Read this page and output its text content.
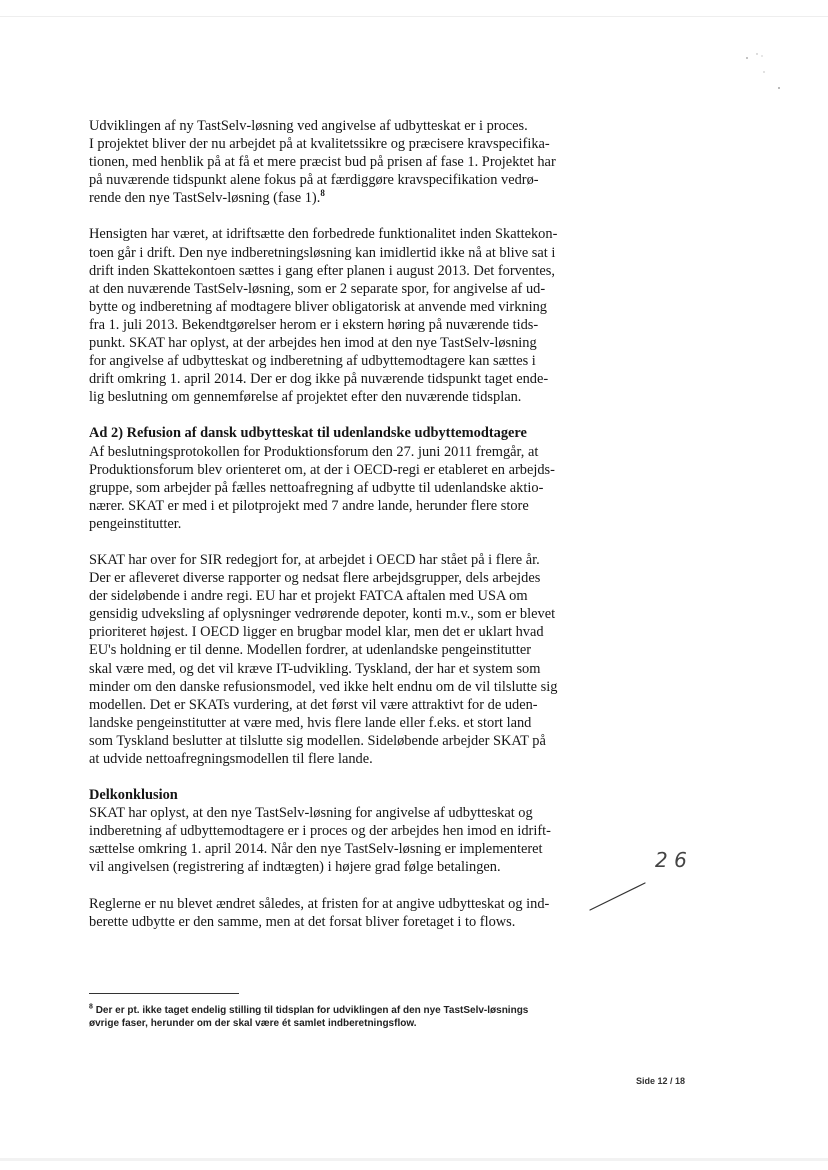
Udviklingen af ny TastSelv-løsning ved angivelse af udbytteskat er i proces.
I projektet bliver der nu arbejdet på at kvalitetssikre og præcisere kravspecifika-
tionen, med henblik på at få et mere præcist bud på prisen af fase 1. Projektet har
på nuværende tidspunkt alene fokus på at færdiggøre kravspecifikation vedrø-
rende den nye TastSelv-løsning (fase 1).$^8$

Hensigten har været, at idriftsætte den forbedrede funktionalitet inden Skattekon-
toen går i drift. Den nye indberetningsløsning kan imidlertid ikke nå at blive sat i
drift inden Skattekontoen sættes i gang efter planen i august 2013. Det forventes,
at den nuværende TastSelv-løsning, som er 2 separate spor, for angivelse af ud-
bytte og indberetning af modtagere bliver obligatorisk at anvende med virkning
fra 1. juli 2013. Bekendtgørelser herom er i ekstern høring på nuværende tids-
punkt. SKAT har oplyst, at der arbejdes hen imod at den nye TastSelv-løsning
for angivelse af udbytteskat og indberetning af udbyttemodtagere kan sættes i
drift omkring 1. april 2014. Der er dog ikke på nuværende tidspunkt taget ende-
lig beslutning om gennemførelse af projektet efter den nuværende tidsplan.

Ad 2) Refusion af dansk udbytteskat til udenlandske udbyttemodtagere
Af beslutningsprotokollen for Produktionsforum den 27. juni 2011 fremgår, at
Produktionsforum blev orienteret om, at der i OECD-regi er etableret en arbejds-
gruppe, som arbejder på fælles nettoafregning af udbytte til udenlandske aktio-
nærer. SKAT er med i et pilotprojekt med 7 andre lande, herunder flere store
pengeinstitutter.

SKAT har over for SIR redegjort for, at arbejdet i OECD har stået på i flere år.
Der er afleveret diverse rapporter og nedsat flere arbejdsgrupper, dels arbejdes
der sideløbende i andre regi. EU har et projekt FATCA aftalen med USA om
gensidig udveksling af oplysninger vedrørende depoter, konti m.v., som er blevet
prioriteret højest. I OECD ligger en brugbar model klar, men det er uklart hvad
EU's holdning er til denne. Modellen fordrer, at udenlandske pengeinstitutter
skal være med, og det vil kræve IT-udvikling. Tyskland, der har et system som
minder om den danske refusionsmodel, ved ikke helt endnu om de vil tilslutte sig
modellen. Det er SKATs vurdering, at det først vil være attraktivt for de uden-
landske pengeinstitutter at være med, hvis flere lande eller f.eks. et stort land
som Tyskland beslutter at tilslutte sig modellen. Sideløbende arbejder SKAT på
at udvide nettoafregningsmodellen til flere lande.

Delkonklusion
SKAT har oplyst, at den nye TastSelv-løsning for angivelse af udbytteskat og
indberetning af udbyttemodtagere er i proces og der arbejdes hen imod en idrift-
sættelse omkring 1. april 2014. Når den nye TastSelv-løsning er implementeret
vil angivelsen (registrering af indtægten) i højere grad følge betalingen.

Reglerne er nu blevet ændret således, at fristen for at angive udbytteskat og ind-
berette udbytte er den samme, men at det forsat bliver foretaget i to flows.

$^8$ Der er pt. ikke taget endelig stilling til tidsplan for udviklingen af den nye TastSelv-løsnings
øvrige faser, herunder om der skal være ét samlet indberetningsflow.
Side 12 / 18
2 6
